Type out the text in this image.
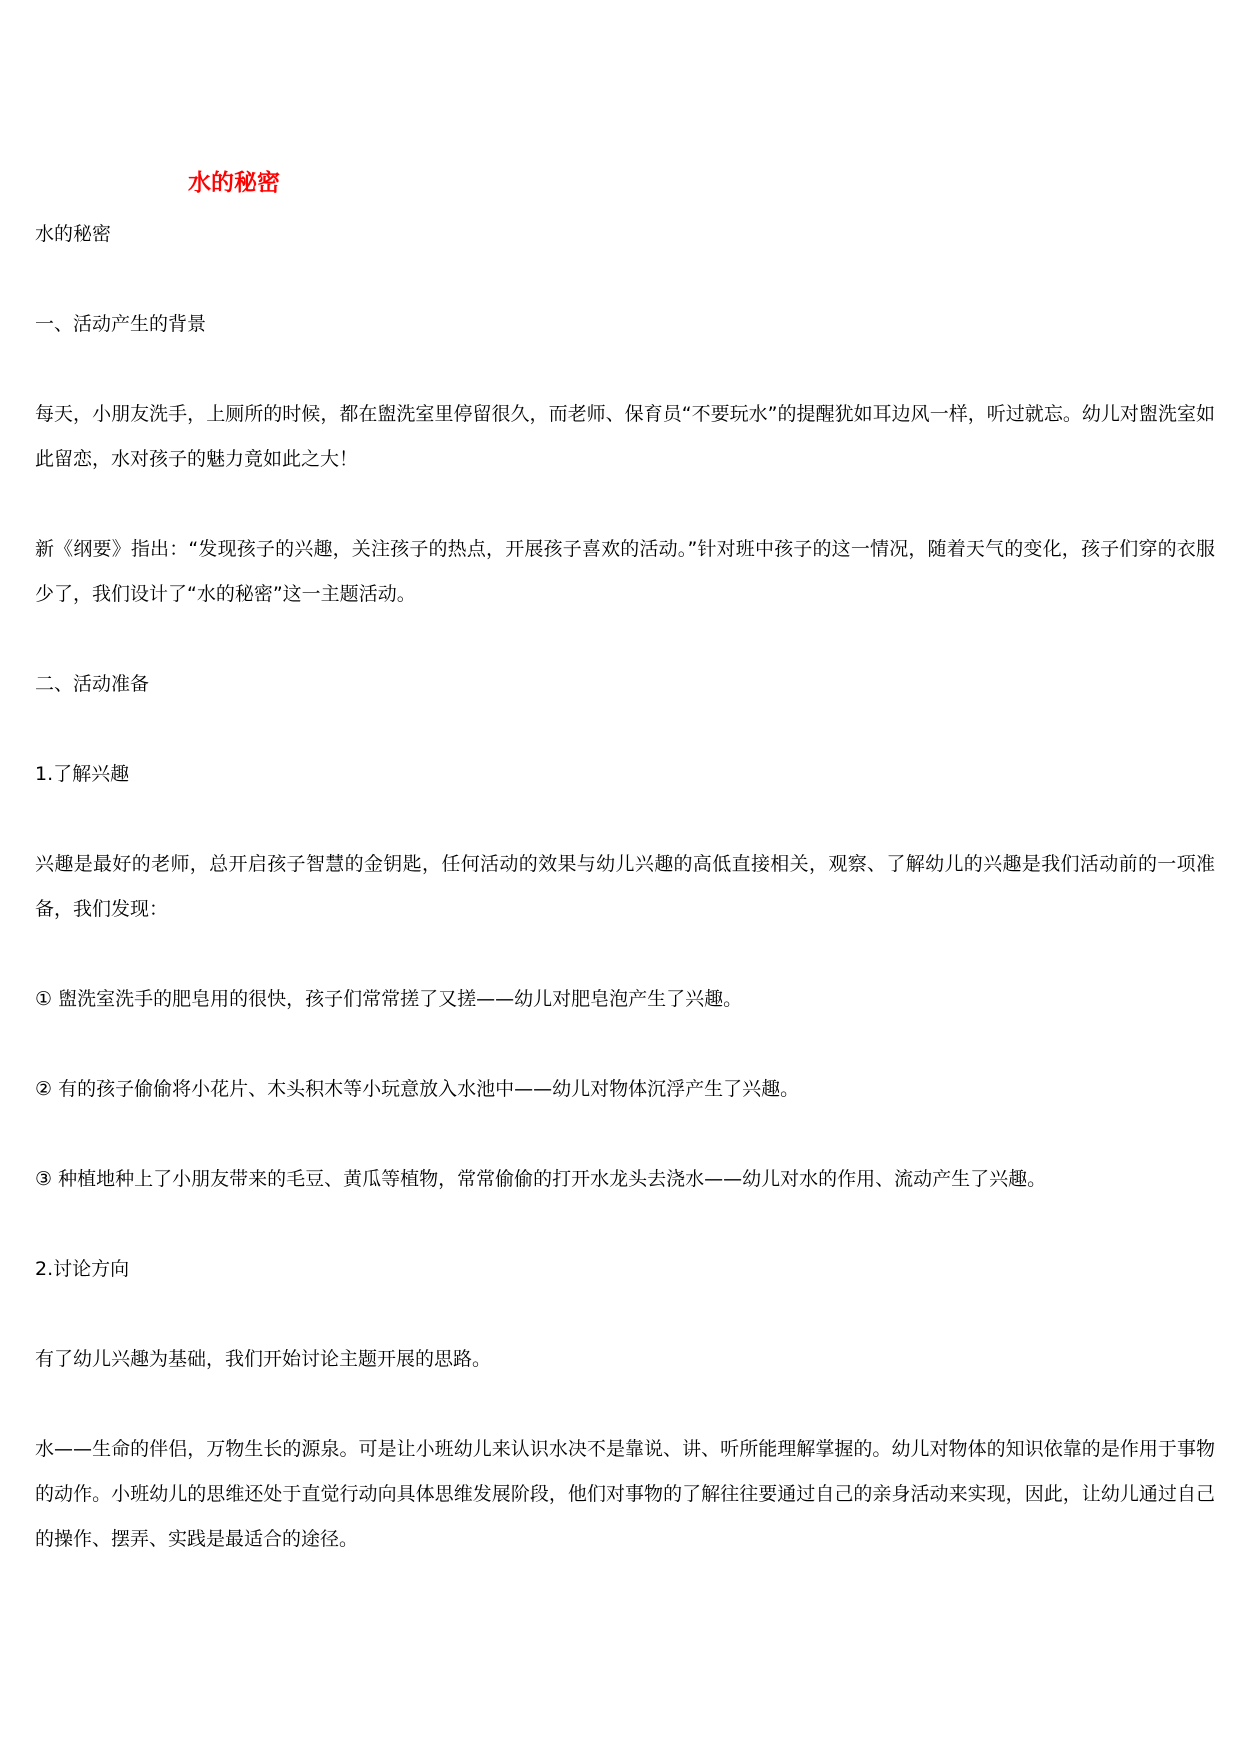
水的秘密

水的秘密

一、活动产生的背景

每天，小朋友洗手，上厕所的时候，都在盥洗室里停留很久，而老师、保育员“不要玩水”的提醒犹如耳边风一样，听过就忘。幼儿对盥洗室如此留恋，水对孩子的魅力竟如此之大！

新《纲要》指出：“发现孩子的兴趣，关注孩子的热点，开展孩子喜欢的活动。”针对班中孩子的这一情况，随着天气的变化，孩子们穿的衣服少了，我们设计了“水的秘密”这一主题活动。

二、活动准备

1.了解兴趣

兴趣是最好的老师，总开启孩子智慧的金钥匙，任何活动的效果与幼儿兴趣的高低直接相关，观察、了解幼儿的兴趣是我们活动前的一项准备，我们发现：

① 盥洗室洗手的肥皂用的很快，孩子们常常搓了又搓——幼儿对肥皂泡产生了兴趣。

② 有的孩子偷偷将小花片、木头积木等小玩意放入水池中——幼儿对物体沉浮产生了兴趣。

③ 种植地种上了小朋友带来的毛豆、黄瓜等植物，常常偷偷的打开水龙头去浇水——幼儿对水的作用、流动产生了兴趣。

2.讨论方向

有了幼儿兴趣为基础，我们开始讨论主题开展的思路。

水——生命的伴侣，万物生长的源泉。可是让小班幼儿来认识水决不是靠说、讲、听所能理解掌握的。幼儿对物体的知识依靠的是作用于事物的动作。小班幼儿的思维还处于直觉行动向具体思维发展阶段，他们对事物的了解往往要通过自己的亲身活动来实现，因此，让幼儿通过自己的操作、摆弄、实践是最适合的途径。
